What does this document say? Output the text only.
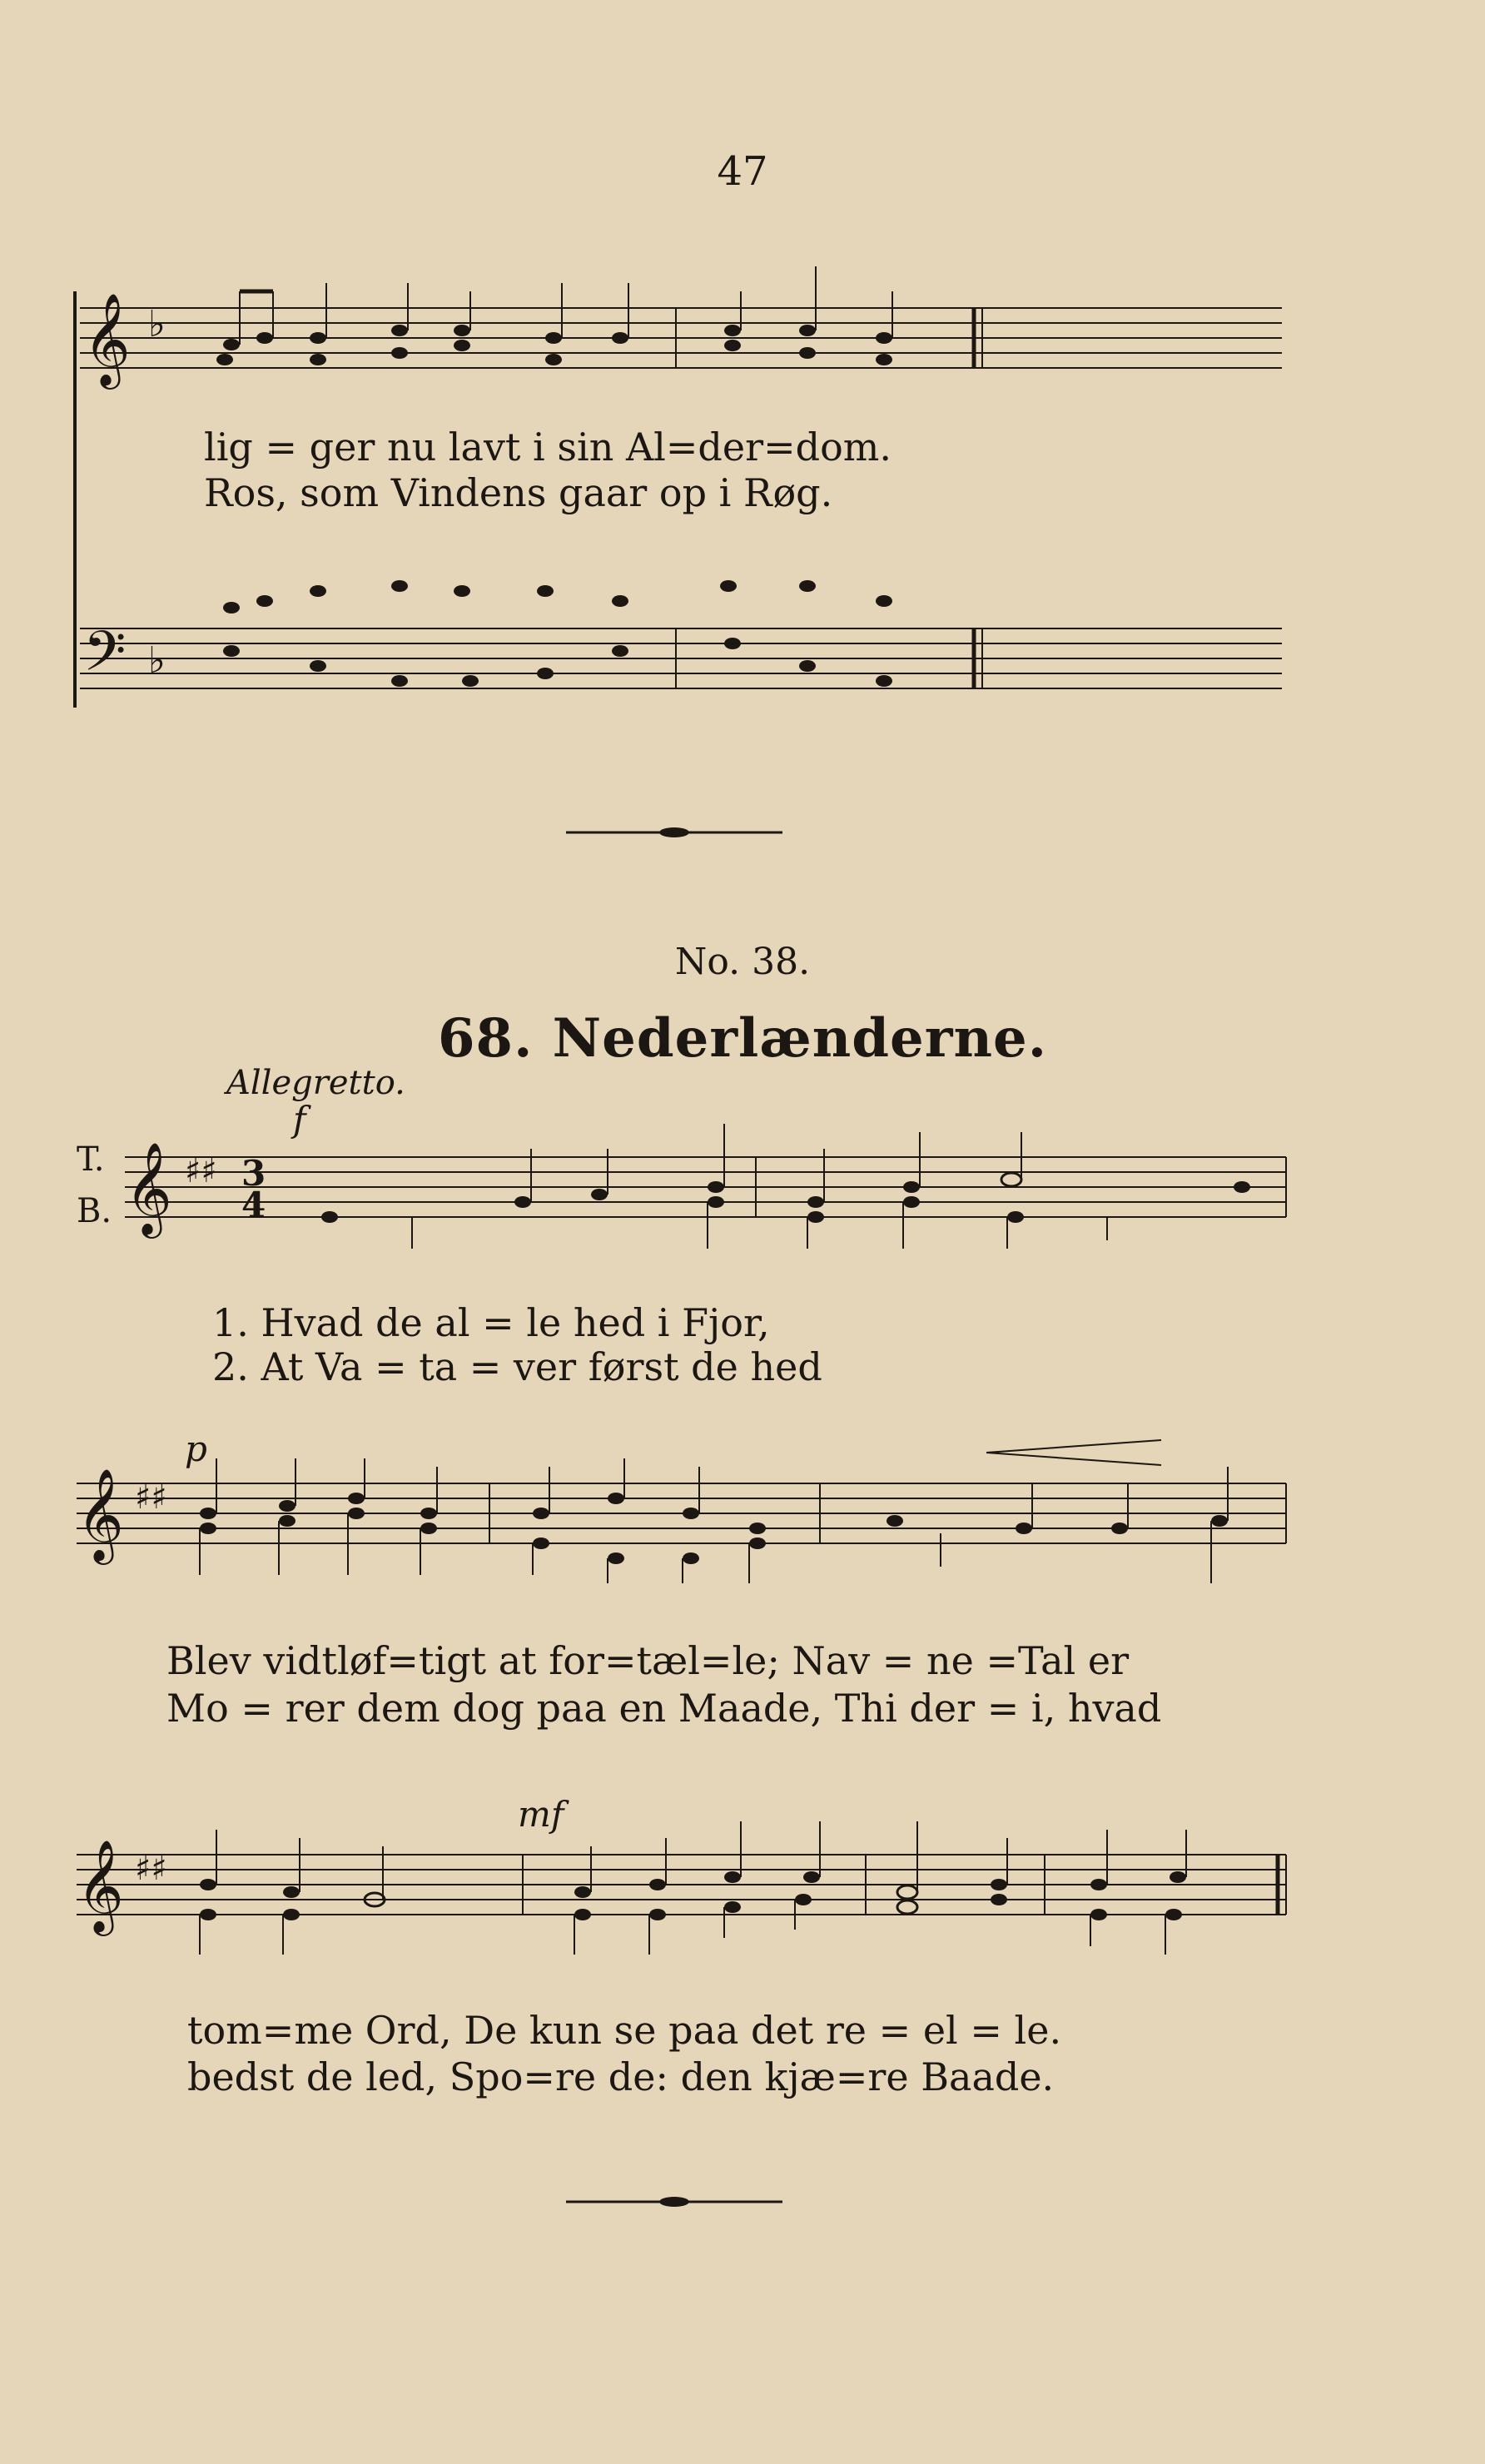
47
𝄞 ♭
lig = ger nu lavt i sin Al=der=dom.
Ros, som Vindens gaar op i Røg.
𝄢 ♭
No. 38.
68. Nederlænderne.
Allegretto.
f
T.
B. 𝄞 ♯♯ 3
4
1. Hvad de al = le hed i Fjor,
2. At Va = ta = ver først de hed
p
𝄞 ♯♯
Blev vidtløf=tigt at for=tæl=le; Nav = ne =Tal er
Mo = rer dem dog paa en Maade, Thi der = i, hvad
mf
𝄞 ♯♯
tom=me Ord, De kun se paa det re = el = le.
bedst de led, Spo=re de: den kjæ=re Baade.
